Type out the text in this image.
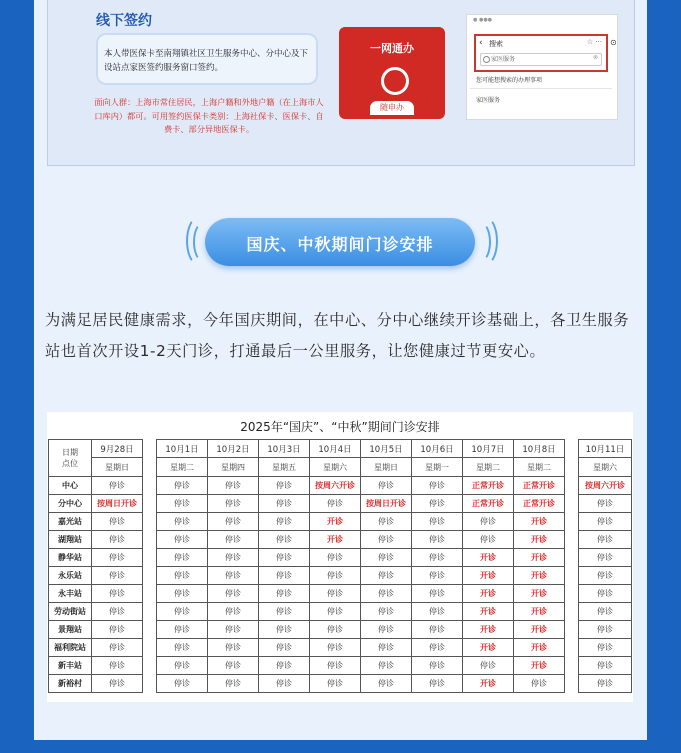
线下签约
本人带医保卡至南翔镇社区卫生服务中心、分中心及下设站点家医签约服务窗口签约。
面向人群：上海市常住居民，上海户籍和外地户籍（在上海市人口库内）都可。可用签约医保卡类别：上海社保卡、医保卡、自费卡、部分异地医保卡。
一网通办
随申办
● ●●●
‹ 搜索	☆ ···
家医服务	⊗
⊙
您可能想搜索的办理事项
家医服务
国庆、中秋期间门诊安排
为满足居民健康需求，今年国庆期间，在中心、分中心继续开诊基础上，各卫生服务站也首次开设1-2天门诊，打通最后一公里服务，让您健康过节更安心。
2025年“国庆”、“中秋”期间门诊安排
日期
点位	9月28日		10月1日	10月2日	10月3日	10月4日	10月5日	10月6日	10月7日	10月8日		10月11日
	星期日		星期二	星期四	星期五	星期六	星期日	星期一	星期二	星期二		星期六
中心	停诊		停诊	停诊	停诊	按周六开诊	停诊	停诊	正常开诊	正常开诊		按周六开诊
分中心	按周日开诊		停诊	停诊	停诊	停诊	按周日开诊	停诊	正常开诊	正常开诊		停诊
嘉光站	停诊		停诊	停诊	停诊	开诊	停诊	停诊	停诊	开诊		停诊
湖翔站	停诊		停诊	停诊	停诊	开诊	停诊	停诊	停诊	开诊		停诊
静华站	停诊		停诊	停诊	停诊	停诊	停诊	停诊	开诊	开诊		停诊
永乐站	停诊		停诊	停诊	停诊	停诊	停诊	停诊	开诊	开诊		停诊
永丰站	停诊		停诊	停诊	停诊	停诊	停诊	停诊	开诊	开诊		停诊
劳动街站	停诊		停诊	停诊	停诊	停诊	停诊	停诊	开诊	开诊		停诊
景翔站	停诊		停诊	停诊	停诊	停诊	停诊	停诊	开诊	开诊		停诊
福利院站	停诊		停诊	停诊	停诊	停诊	停诊	停诊	开诊	开诊		停诊
新丰站	停诊		停诊	停诊	停诊	停诊	停诊	停诊	停诊	开诊		停诊
新裕村	停诊		停诊	停诊	停诊	停诊	停诊	停诊	开诊	停诊		停诊
